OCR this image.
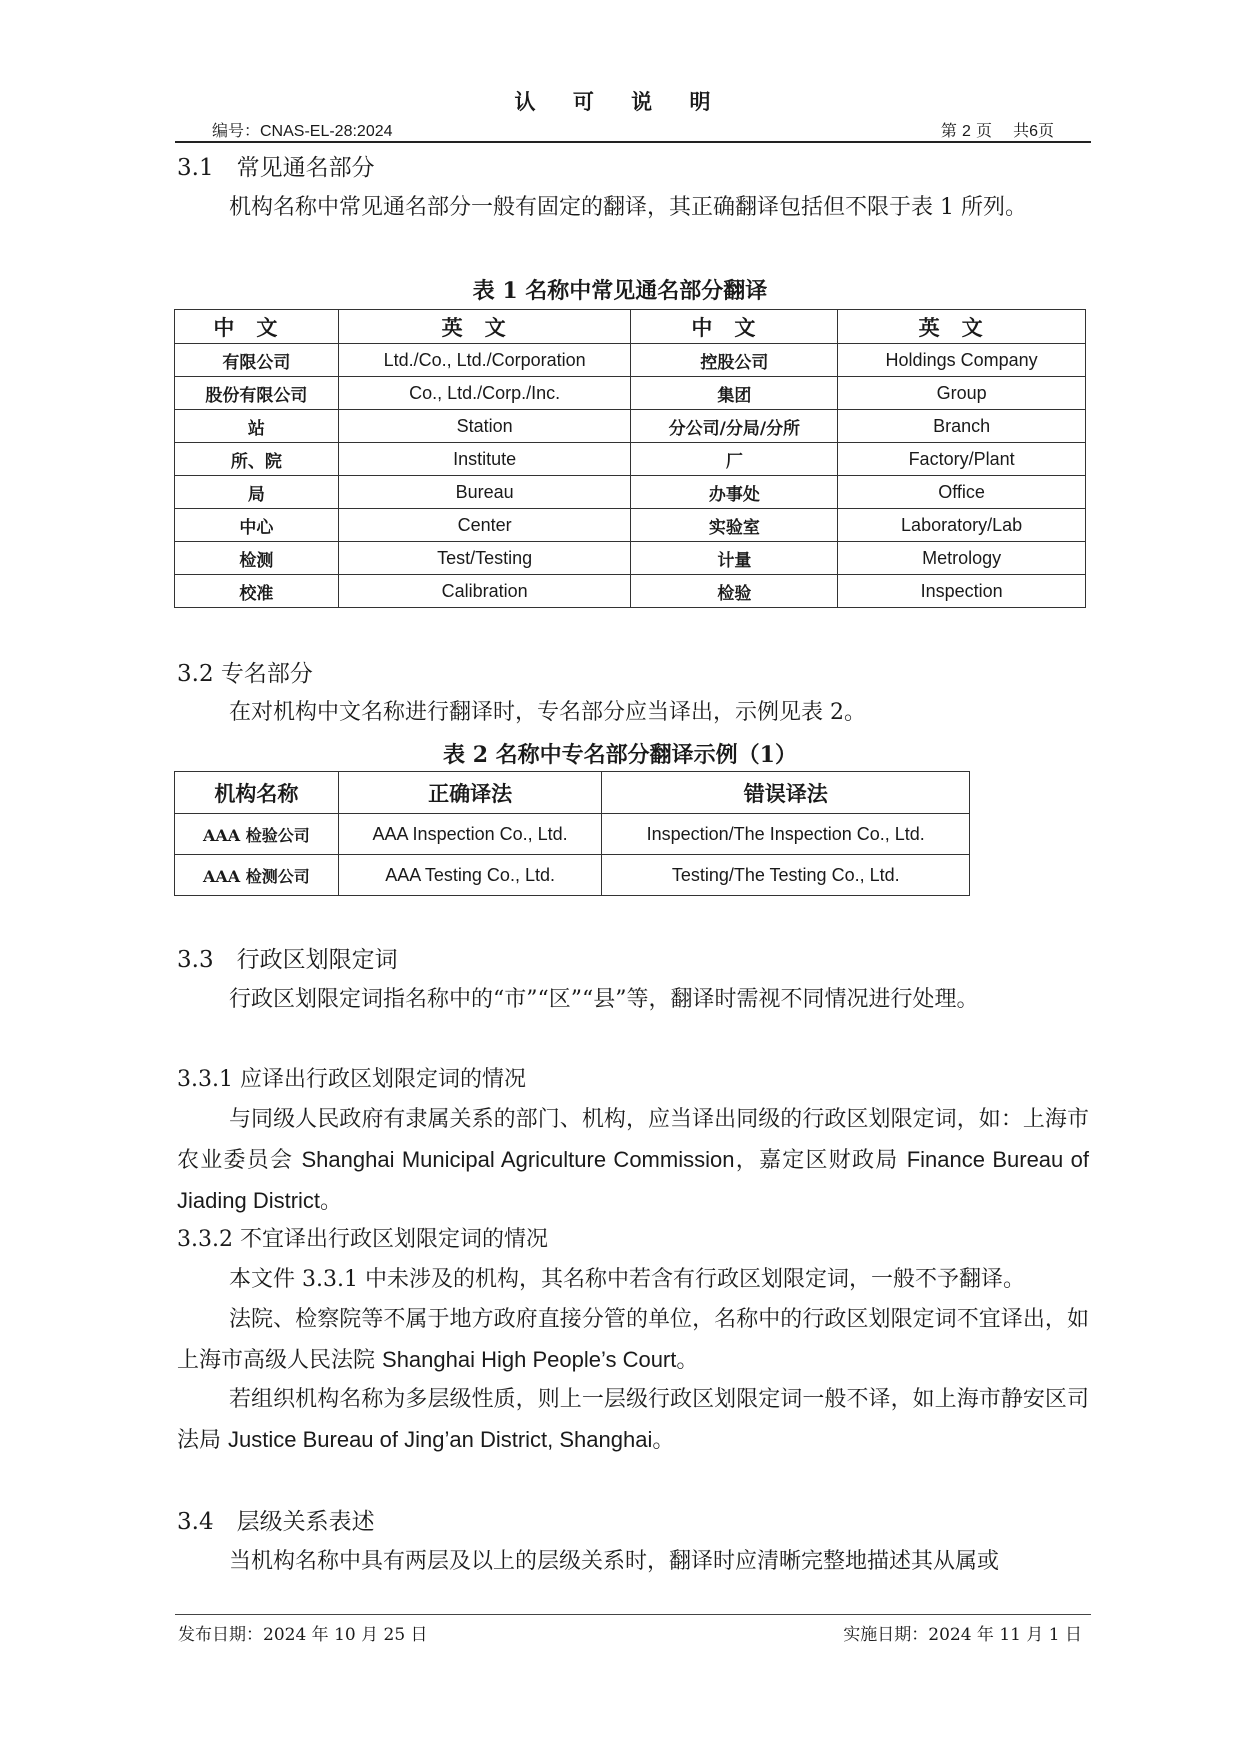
认 可 说 明
编号：CNAS-EL-28:2024	第 2 页　 共6页
3.1　常见通名部分
机构名称中常见通名部分一般有固定的翻译，其正确翻译包括但不限于表 1 所列。
表 1 名称中常见通名部分翻译
中文	英文	中文	英文
有限公司	Ltd./Co., Ltd./Corporation	控股公司	Holdings Company
股份有限公司	Co., Ltd./Corp./Inc.	集团	Group
站	Station	分公司/分局/分所	Branch
所、院	Institute	厂	Factory/Plant
局	Bureau	办事处	Office
中心	Center	实验室	Laboratory/Lab
检测	Test/Testing	计量	Metrology
校准	Calibration	检验	Inspection
3.2 专名部分
在对机构中文名称进行翻译时，专名部分应当译出，示例见表 2。
表 2 名称中专名部分翻译示例（1）
机构名称	正确译法	错误译法
AAA 检验公司	AAA Inspection Co., Ltd.	Inspection/The Inspection Co., Ltd.
AAA 检测公司	AAA Testing Co., Ltd.	Testing/The Testing Co., Ltd.
3.3　行政区划限定词
行政区划限定词指名称中的“市”“区”“县”等，翻译时需视不同情况进行处理。
3.3.1 应译出行政区划限定词的情况
与同级人民政府有隶属关系的部门、机构，应当译出同级的行政区划限定词，如：上海市农业委员会 Shanghai Municipal Agriculture Commission，嘉定区财政局 Finance Bureau of Jiading District。
3.3.2 不宜译出行政区划限定词的情况
本文件 3.3.1 中未涉及的机构，其名称中若含有行政区划限定词，一般不予翻译。
法院、检察院等不属于地方政府直接分管的单位，名称中的行政区划限定词不宜译出，如上海市高级人民法院 Shanghai High People’s Court。
若组织机构名称为多层级性质，则上一层级行政区划限定词一般不译，如上海市静安区司法局 Justice Bureau of Jing’an District, Shanghai。
3.4　层级关系表述
当机构名称中具有两层及以上的层级关系时，翻译时应清晰完整地描述其从属或
发布日期：2024 年 10 月 25 日	实施日期：2024 年 11 月 1 日
